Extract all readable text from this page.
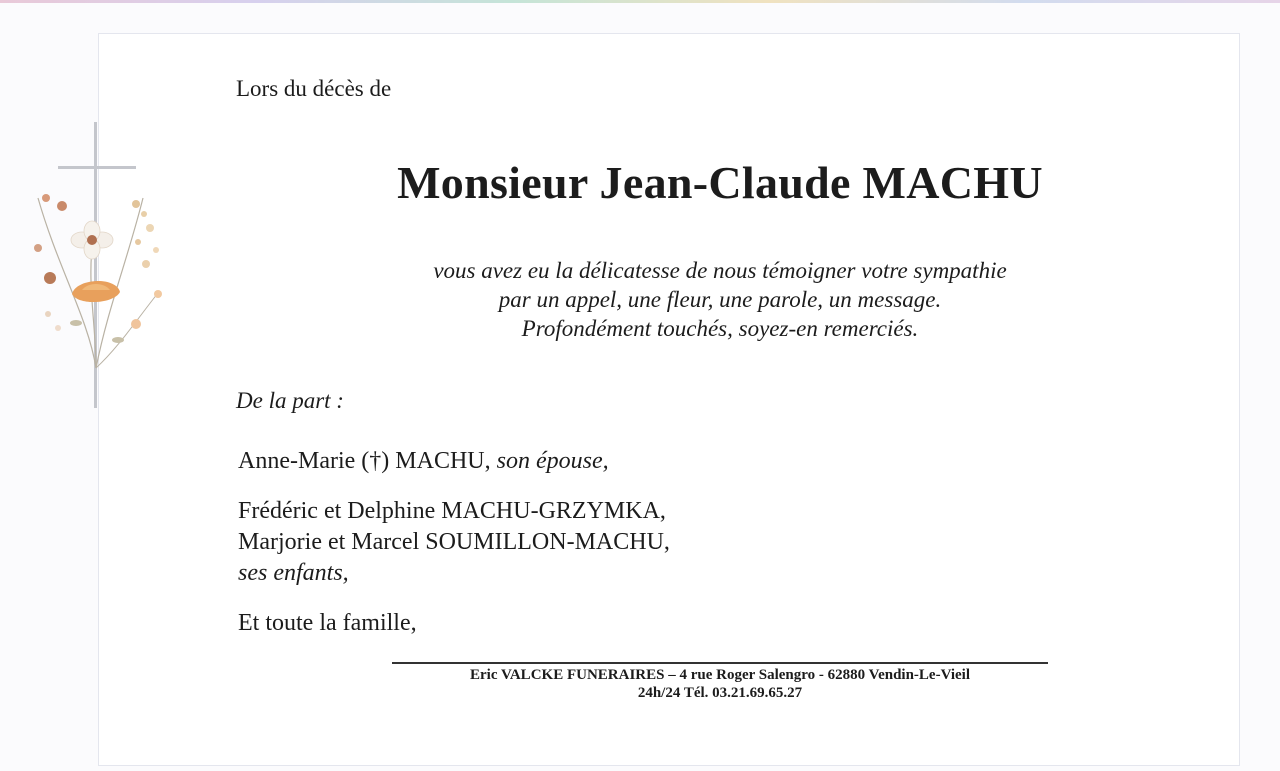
Lors du décès de
Monsieur Jean-Claude MACHU
vous avez eu la délicatesse de nous témoigner votre sympathie
par un appel, une fleur, une parole, un message.
Profondément touchés, soyez-en remerciés.
De la part :
Anne-Marie (†) MACHU, son épouse,
Frédéric et Delphine MACHU-GRZYMKA,
Marjorie et Marcel SOUMILLON-MACHU,
ses enfants,
Et toute la famille,
Eric VALCKE FUNERAIRES – 4 rue Roger Salengro - 62880 Vendin-Le-Vieil
24h/24 Tél. 03.21.69.65.27
